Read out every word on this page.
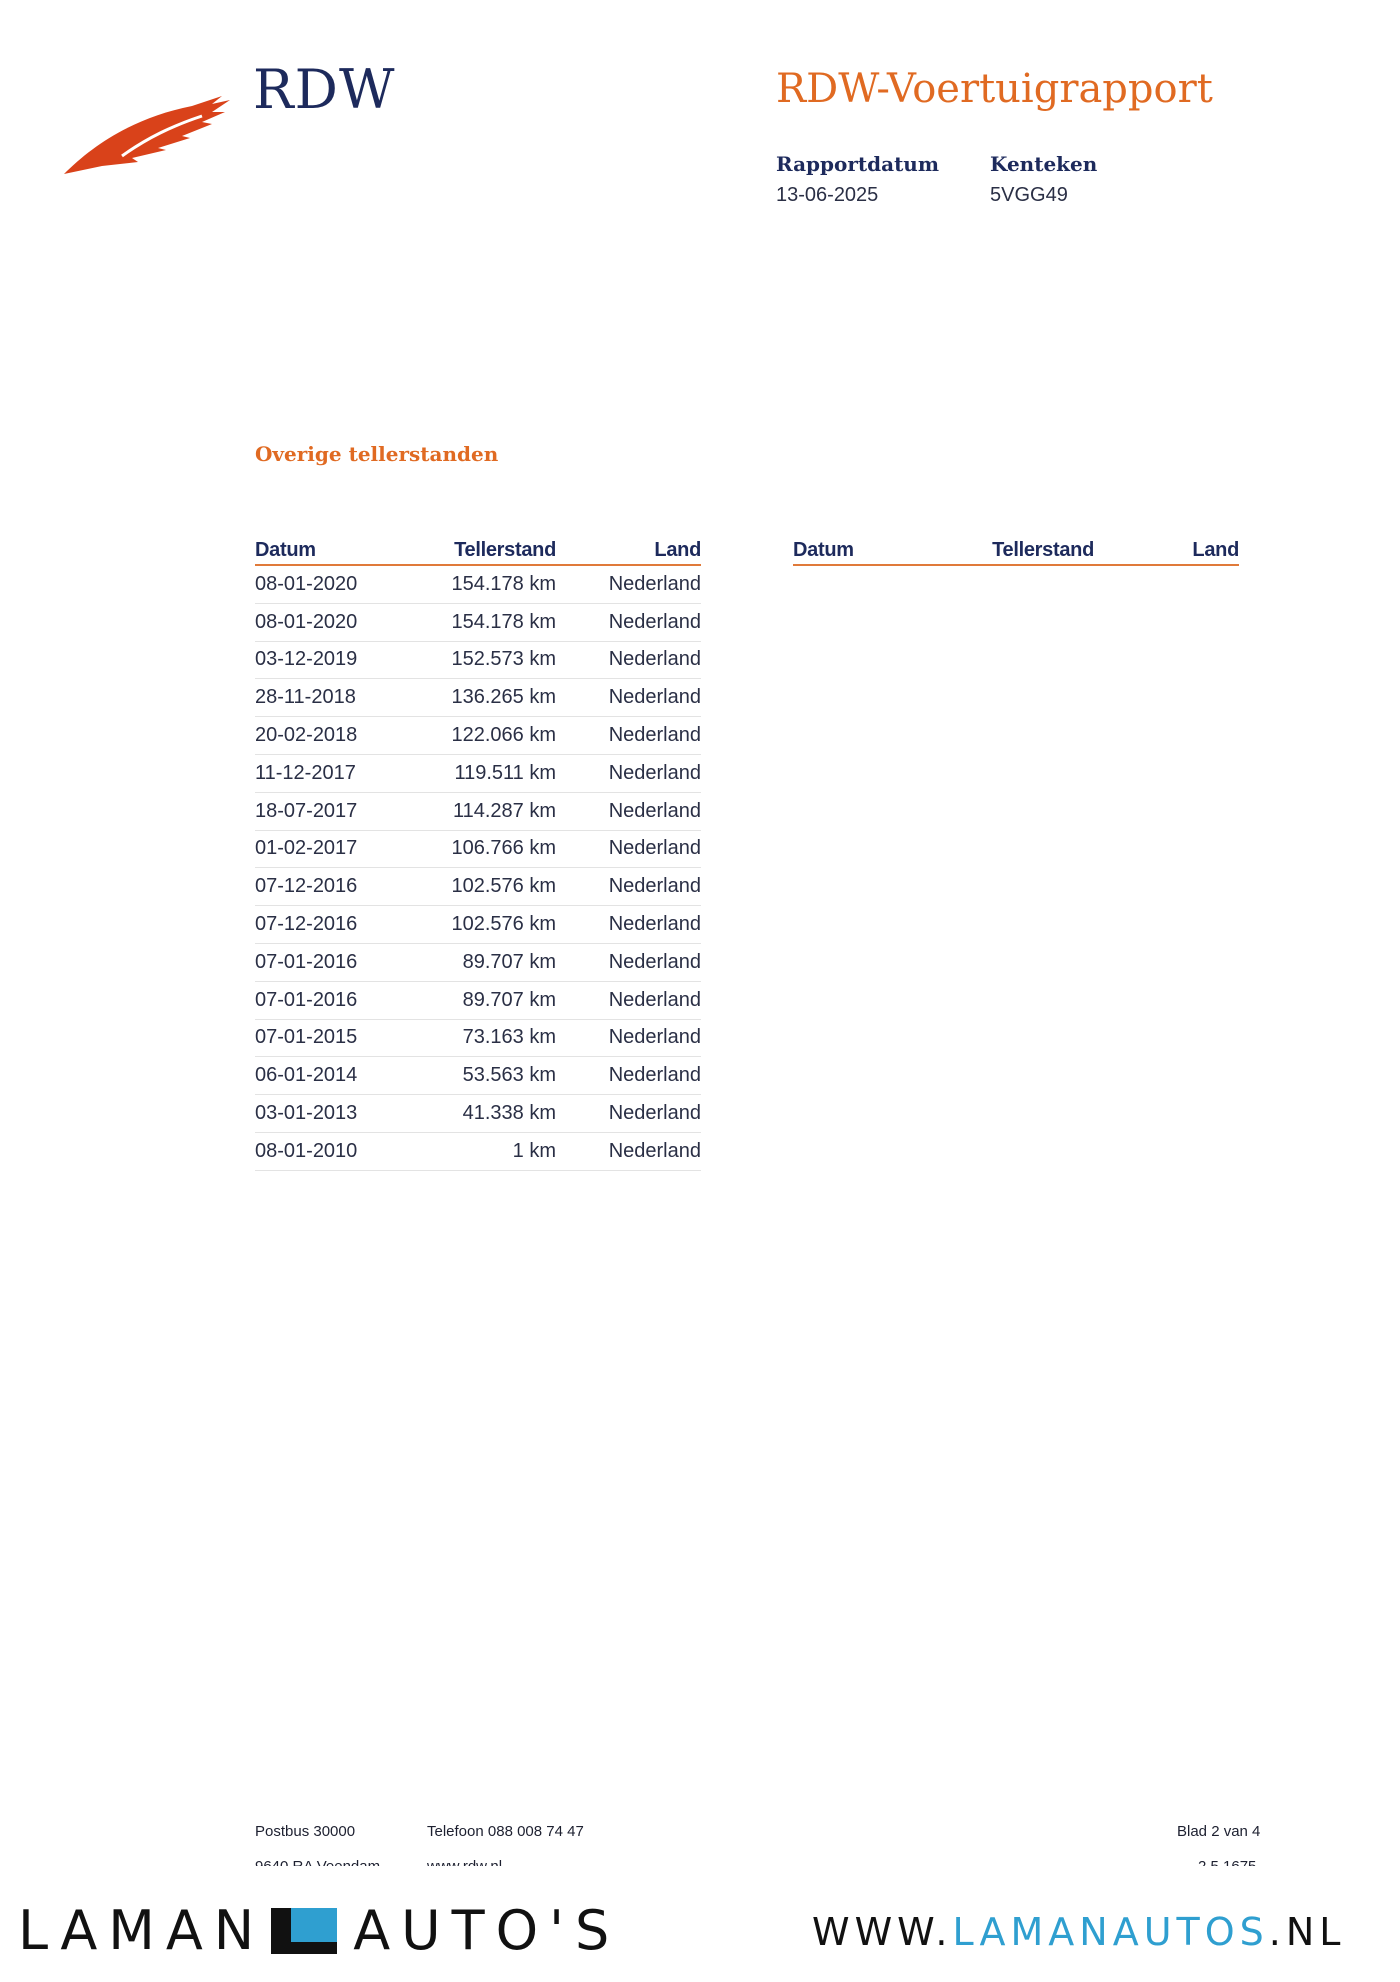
RDW	RDW-Voertuigrapport
Rapportdatum
13-06-2025
Kenteken
5VGG49
Overige tellerstanden
Datum	Tellerstand	Land
08-01-2020	154.178 km	Nederland
08-01-2020	154.178 km	Nederland
03-12-2019	152.573 km	Nederland
28-11-2018	136.265 km	Nederland
20-02-2018	122.066 km	Nederland
11-12-2017	119.511 km	Nederland
18-07-2017	114.287 km	Nederland
01-02-2017	106.766 km	Nederland
07-12-2016	102.576 km	Nederland
07-12-2016	102.576 km	Nederland
07-01-2016	89.707 km	Nederland
07-01-2016	89.707 km	Nederland
07-01-2015	73.163 km	Nederland
06-01-2014	53.563 km	Nederland
03-01-2013	41.338 km	Nederland
08-01-2010	1 km	Nederland
Datum	Tellerstand	Land
Postbus 30000	Telefoon 088 008 74 47	Blad 2 van 4
LAMAN AUTO'S	WWW.LAMANAUTOS.NL
